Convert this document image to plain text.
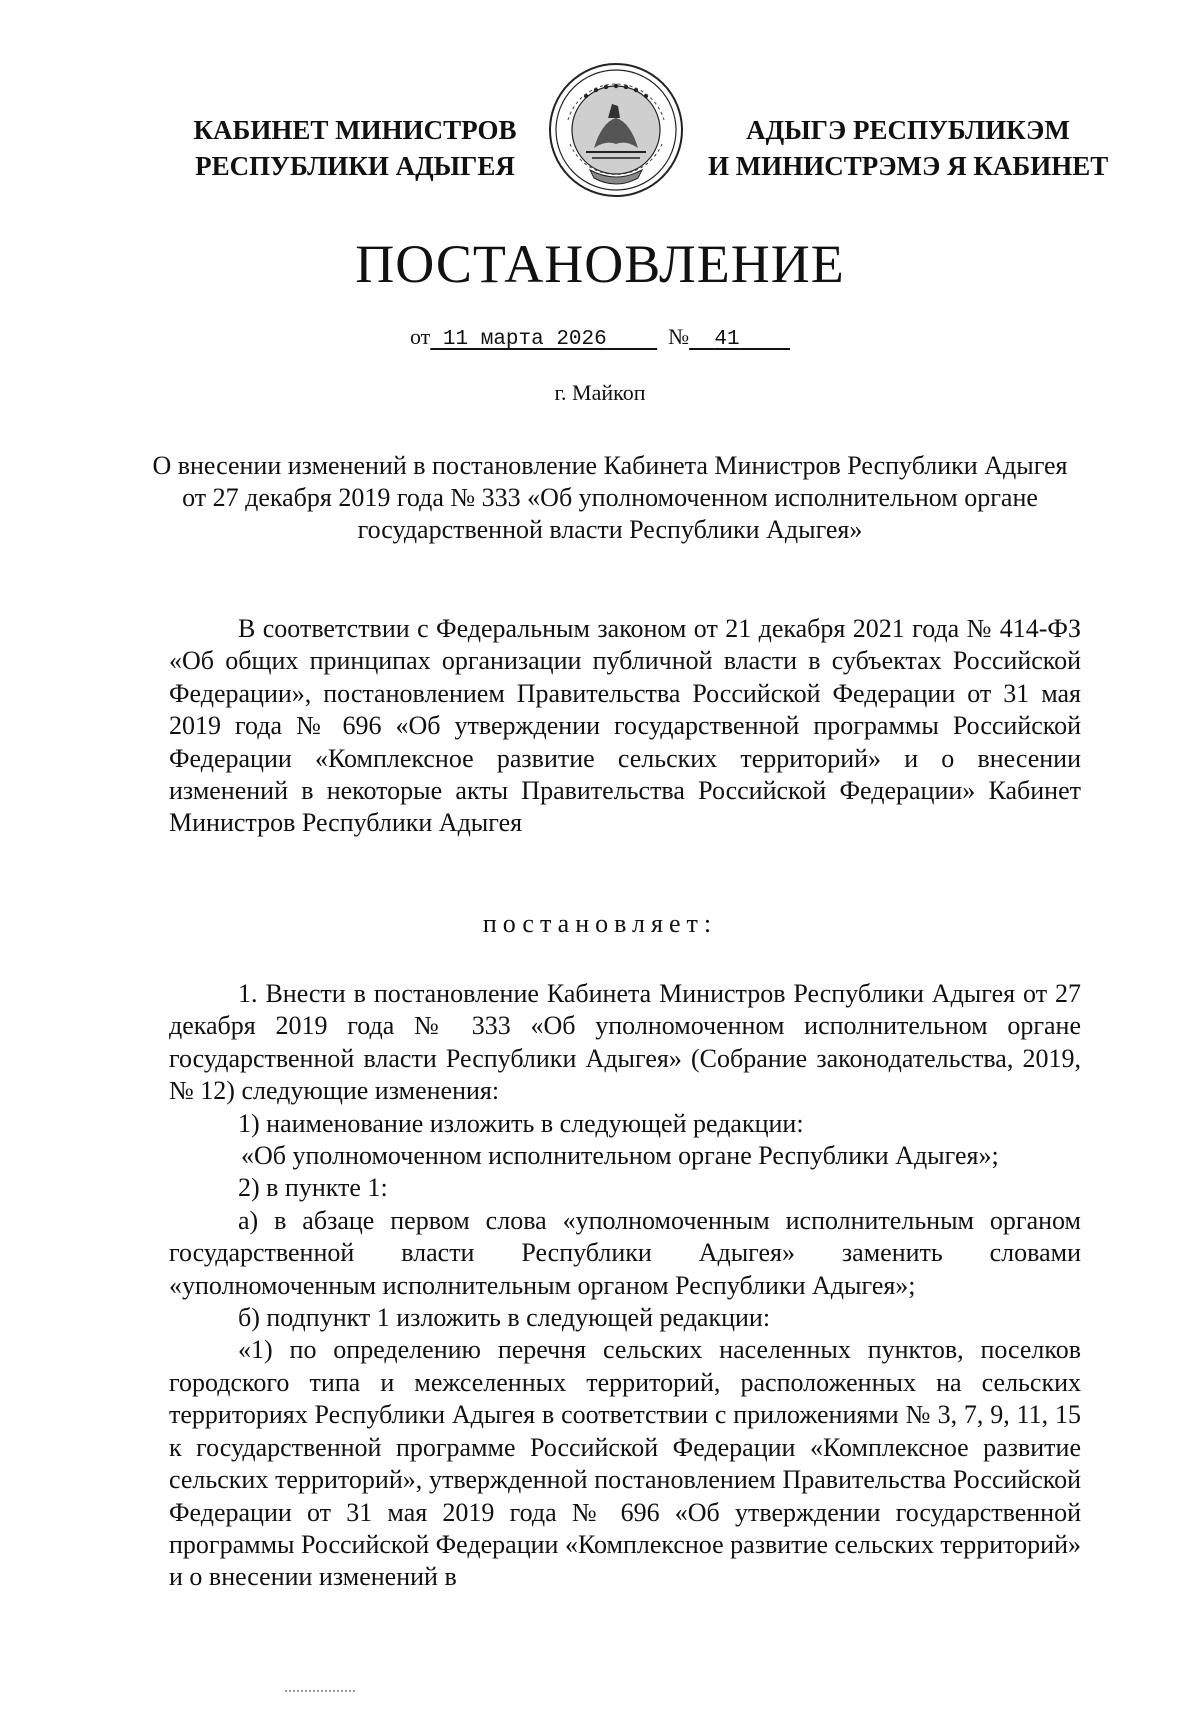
КАБИНЕТ МИНИСТРОВ
РЕСПУБЛИКИ АДЫГЕЯ
АДЫГЭ РЕСПУБЛИКЭМ
И МИНИСТРЭМЭ Я КАБИНЕТ
ПОСТАНОВЛЕНИЕ
от 11 марта 2026	№ 41
г. Майкоп
О внесении изменений в постановление Кабинета Министров Республики Адыгея от 27 декабря 2019 года № 333 «Об уполномоченном исполнительном органе государственной власти Республики Адыгея»

В соответствии с Федеральным законом от 21 декабря 2021 года № 414-ФЗ «Об общих принципах организации публичной власти в субъектах Российской Федерации», постановлением Правительства Российской Федерации от 31 мая 2019 года № 696 «Об утверждении государственной программы Российской Федерации «Комплексное развитие сельских территорий» и о внесении изменений в некоторые акты Правительства Российской Федерации» Кабинет Министров Республики Адыгея

постановляет:

1. Внести в постановление Кабинета Министров Республики Адыгея от 27 декабря 2019 года № 333 «Об уполномоченном исполнительном органе государственной власти Республики Адыгея» (Собрание законодательства, 2019, № 12) следующие изменения:

1) наименование изложить в следующей редакции:

«Об уполномоченном исполнительном органе Республики Адыгея»;

2) в пункте 1:

а) в абзаце первом слова «уполномоченным исполнительным органом государственной власти Республики Адыгея» заменить словами «уполномоченным исполнительным органом Республики Адыгея»;

б) подпункт 1 изложить в следующей редакции:

«1) по определению перечня сельских населенных пунктов, поселков городского типа и межселенных территорий, расположенных на сельских территориях Республики Адыгея в соответствии с приложениями № 3, 7, 9, 11, 15 к государственной программе Российской Федерации «Комплексное развитие сельских территорий», утвержденной постановлением Правительства Российской Федерации от 31 мая 2019 года № 696 «Об утверждении государственной программы Российской Федерации «Комплексное развитие сельских территорий» и о внесении изменений в
